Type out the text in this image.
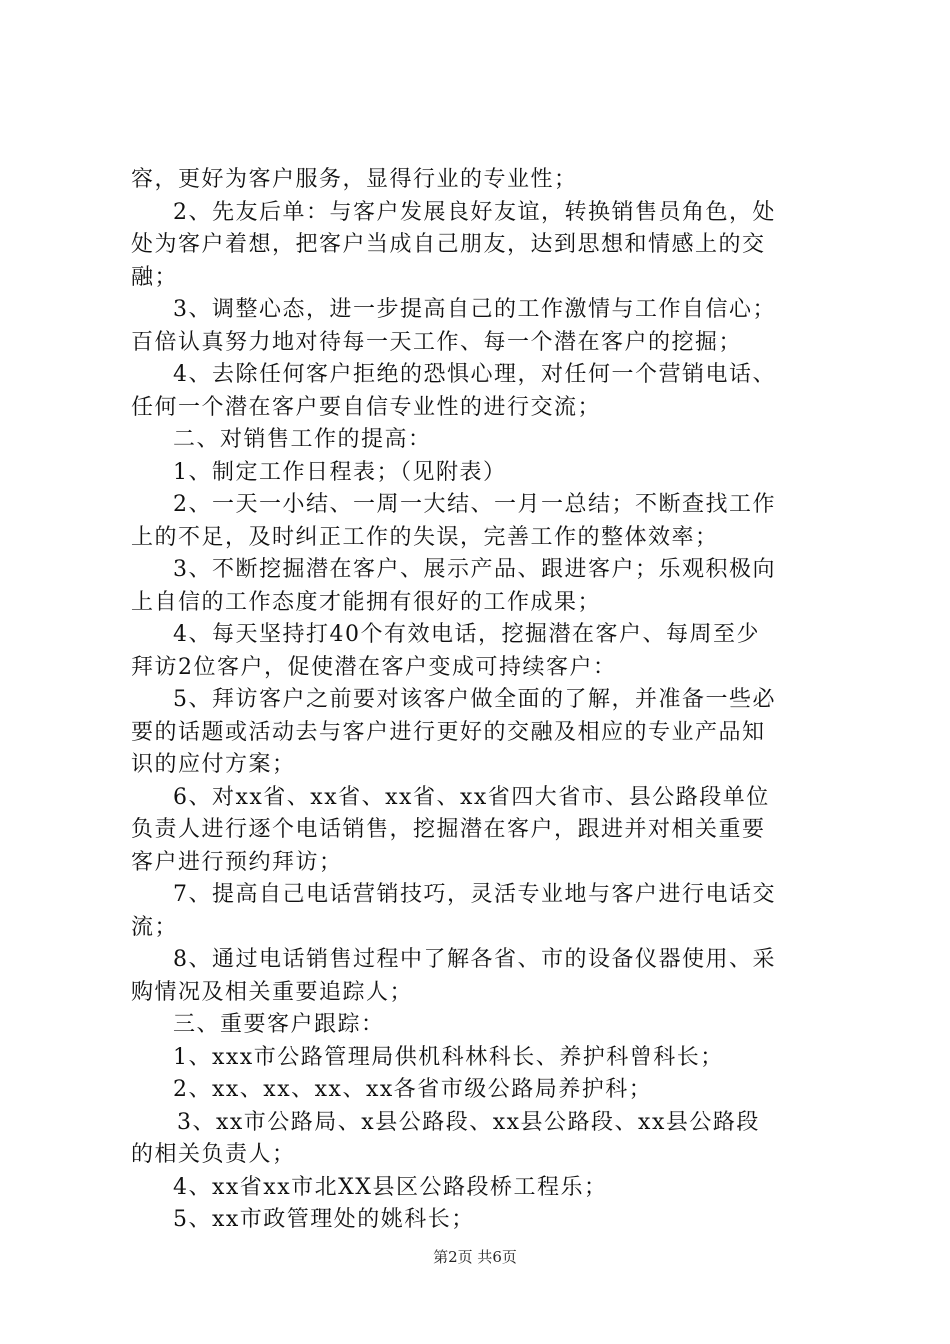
容，更好为客户服务，显得行业的专业性；
2、先友后单：与客户发展良好友谊，转换销售员角色，处
处为客户着想，把客户当成自己朋友，达到思想和情感上的交
融；
3、调整心态，进一步提高自己的工作激情与工作自信心；
百倍认真努力地对待每一天工作、每一个潜在客户的挖掘；
4、去除任何客户拒绝的恐惧心理，对任何一个营销电话、
任何一个潜在客户要自信专业性的进行交流；
二、对销售工作的提高：
1、制定工作日程表；（见附表）
2、一天一小结、一周一大结、一月一总结；不断查找工作
上的不足，及时纠正工作的失误，完善工作的整体效率；
3、不断挖掘潜在客户、展示产品、跟进客户；乐观积极向
上自信的工作态度才能拥有很好的工作成果；
4、每天坚持打40个有效电话，挖掘潜在客户、每周至少
拜访2位客户，促使潜在客户变成可持续客户：
5、拜访客户之前要对该客户做全面的了解，并准备一些必
要的话题或活动去与客户进行更好的交融及相应的专业产品知
识的应付方案；
6、对xx省、xx省、xx省、xx省四大省市、县公路段单位
负责人进行逐个电话销售，挖掘潜在客户，跟进并对相关重要
客户进行预约拜访；
7、提高自己电话营销技巧，灵活专业地与客户进行电话交
流；
8、通过电话销售过程中了解各省、市的设备仪器使用、采
购情况及相关重要追踪人；
三、重要客户跟踪：
1、xxx市公路管理局供机科林科长、养护科曾科长；
2、xx、xx、xx、xx各省市级公路局养护科；
3、xx市公路局、x县公路段、xx县公路段、xx县公路段
的相关负责人；
4、xx省xx市北XX县区公路段桥工程乐；
5、xx市政管理处的姚科长；
第2页 共6页
